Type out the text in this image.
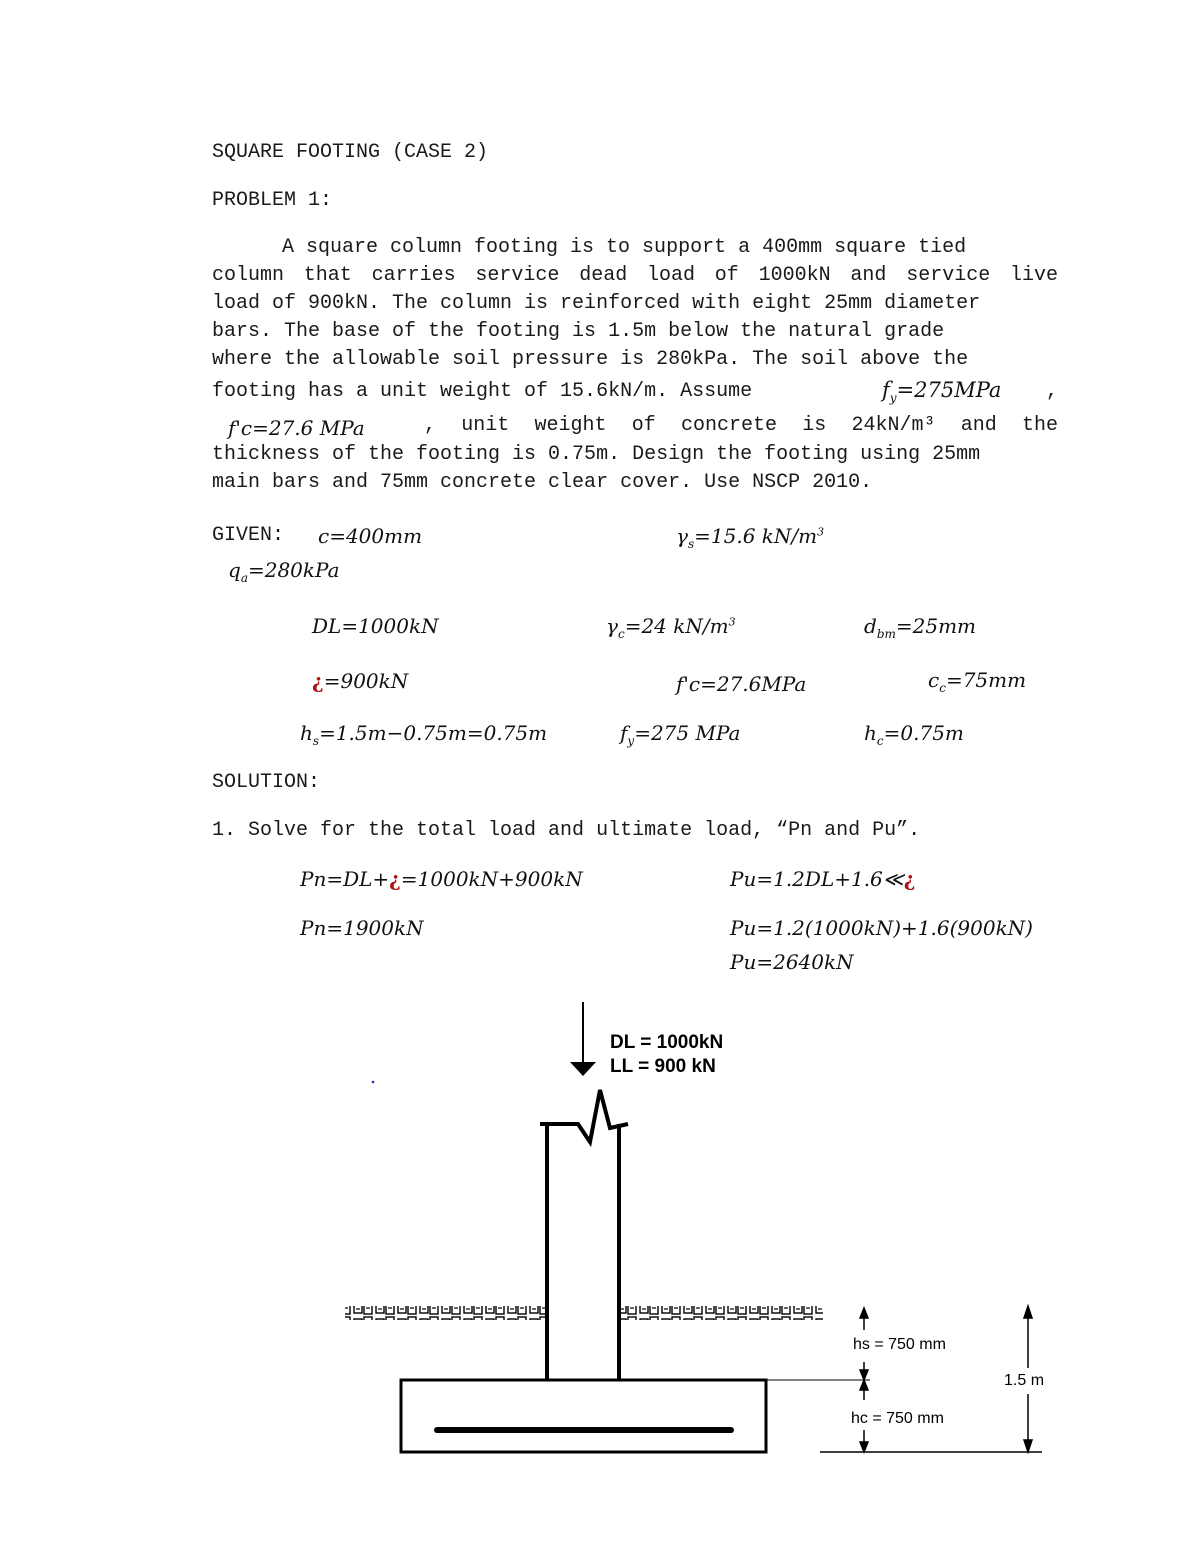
SQUARE FOOTING (CASE 2)
PROBLEM 1:
A square column footing is to support a 400mm square tied
column that carries service dead load of 1000kN and service live
load of 900kN. The column is reinforced with eight 25mm diameter
bars. The base of the footing is 1.5m below the natural grade
where the allowable soil pressure is 280kPa. The soil above the
footing has a unit weight of 15.6kN/m. Assume	$f_y=275MPa$ ,
f'c=27.6 MPa	, unit weight of concrete is 24kN/m³ and the
thickness of the footing is 0.75m. Design the footing using 25mm
main bars and 75mm concrete clear cover. Use NSCP 2010.
GIVEN: c=400mm	$\gamma_s=15.6$ $kN/m^3$
$q_a=280kPa$
DL=1000kN	$\gamma_c=24$ $kN/m^3$	$d_{bm}=25mm$
¿=900kN	f'c=27.6MPa	$c_c=75mm$
$h_s=1.5m-0.75m=0.75m$	$f_y=275$ MPa	$h_c=0.75m$
SOLUTION:
1. Solve for the total load and ultimate load, “Pn and Pu”.
Pn=DL+¿=1000kN+900kN	Pu=1.2DL+1.6≪¿
Pn=1900kN	Pu=1.2(1000kN)+1.6(900kN)
Pu=2640kN
DL = 1000kN
LL = 900 kN
hs = 750 mm
hc = 750 mm
1.5 m
